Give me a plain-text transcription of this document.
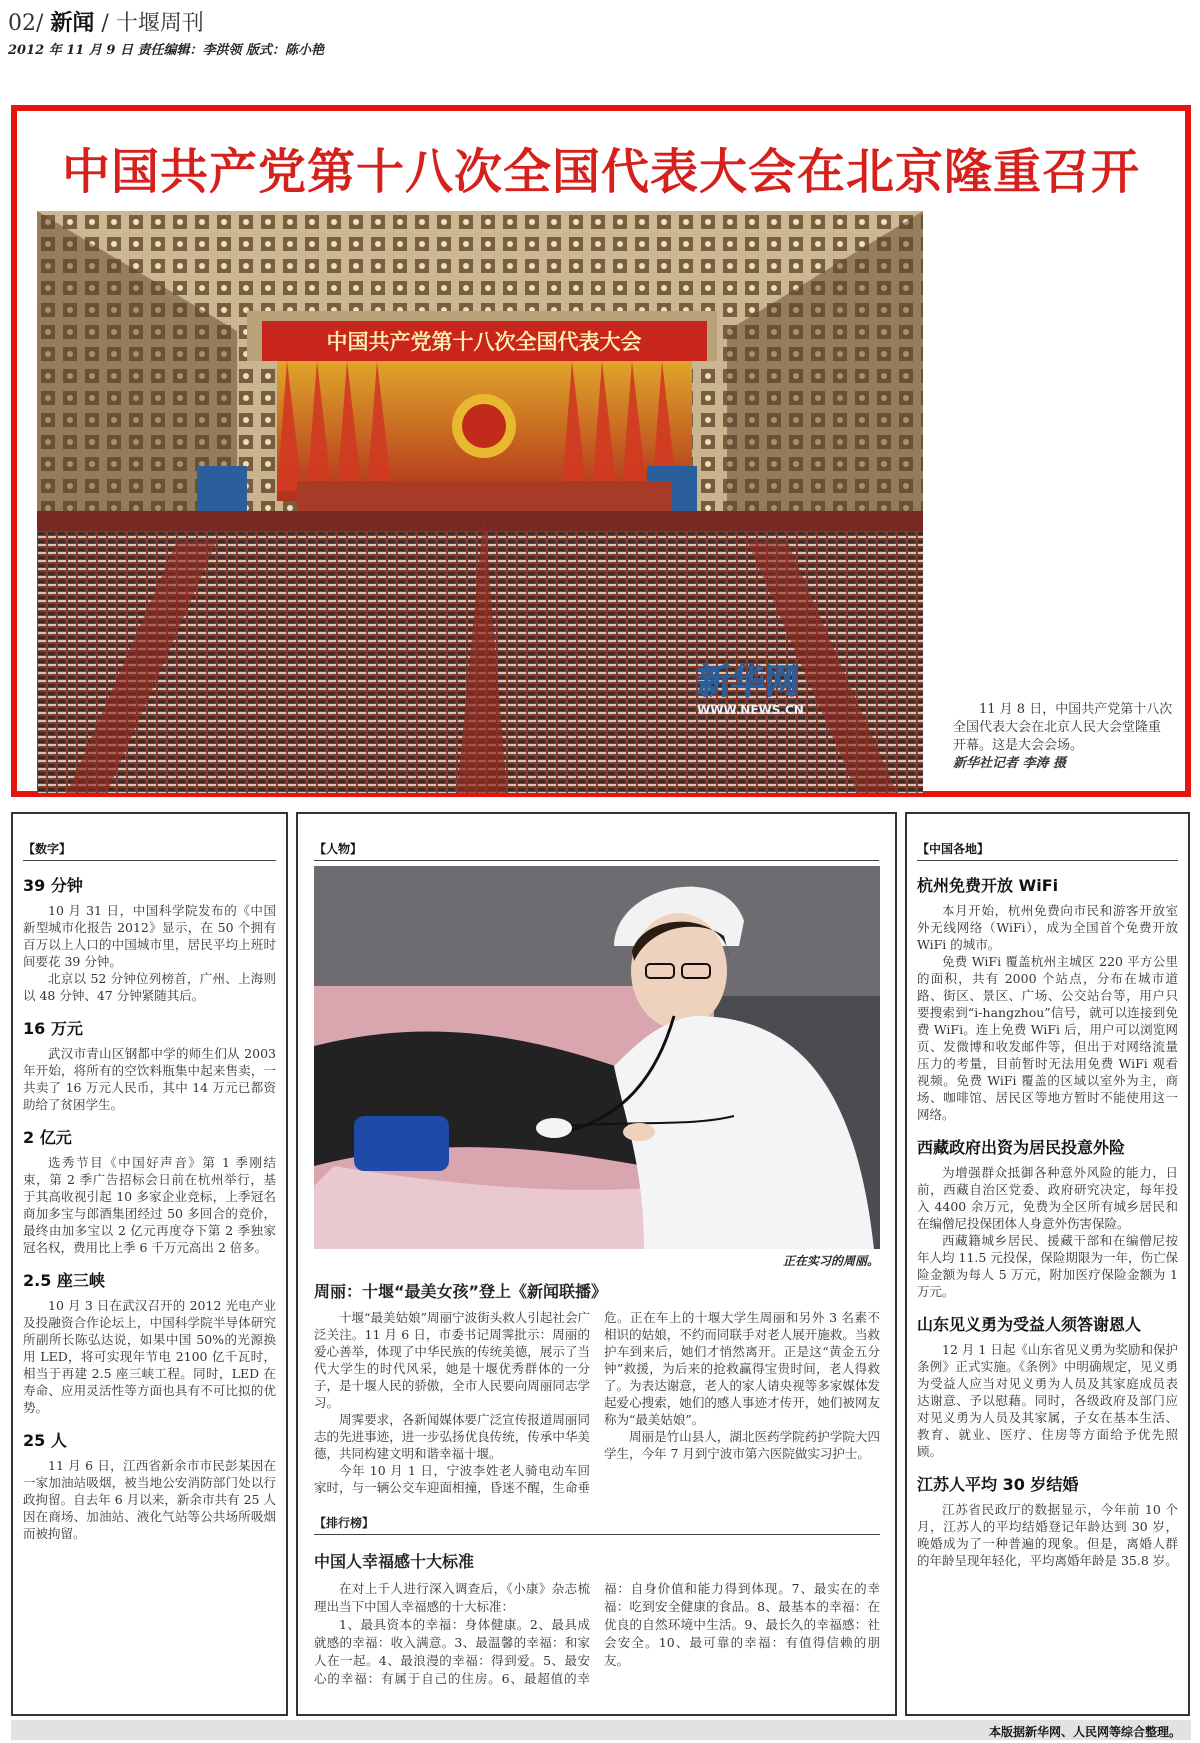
02/ 新闻 / 十堰周刊
2012 年 11 月 9 日 责任编辑：李洪领 版式：陈小艳
中国共产党第十八次全国代表大会在北京隆重召开
中国共产党第十八次全国代表大会
新华网
WWW.NEWS.CN	11 月 8 日，中国共产党第十八次全国代表大会在北京人民大会堂隆重开幕。这是大会会场。

新华社记者 李涛 摄

【数字】
39 分钟

10 月 31 日，中国科学院发布的《中国新型城市化报告 2012》显示，在 50 个拥有百万以上人口的中国城市里，居民平均上班时间要花 39 分钟。

北京以 52 分钟位列榜首，广州、上海则以 48 分钟、47 分钟紧随其后。

16 万元

武汉市青山区钢都中学的师生们从 2003 年开始，将所有的空饮料瓶集中起来售卖，一共卖了 16 万元人民币，其中 14 万元已都资助给了贫困学生。

2 亿元

选秀节目《中国好声音》第 1 季刚结束，第 2 季广告招标会日前在杭州举行，基于其高收视引起 10 多家企业竞标，上季冠名商加多宝与郎酒集团经过 50 多回合的竞价，最终由加多宝以 2 亿元再度夺下第 2 季独家冠名权，费用比上季 6 千万元高出 2 倍多。

2.5 座三峡

10 月 3 日在武汉召开的 2012 光电产业及投融资合作论坛上，中国科学院半导体研究所副所长陈弘达说，如果中国 50%的光源换用 LED，将可实现年节电 2100 亿千瓦时，相当于再建 2.5 座三峡工程。同时，LED 在寿命、应用灵活性等方面也具有不可比拟的优势。

25 人

11 月 6 日，江西省新余市市民彭某因在一家加油站吸烟，被当地公安消防部门处以行政拘留。自去年 6 月以来，新余市共有 25 人因在商场、加油站、液化气站等公共场所吸烟而被拘留。

【人物】
正在实习的周丽。
周丽：十堰“最美女孩”登上《新闻联播》

十堰“最美姑娘”周丽宁波街头救人引起社会广泛关注。11 月 6 日，市委书记周霁批示：周丽的爱心善举，体现了中华民族的传统美德，展示了当代大学生的时代风采，她是十堰优秀群体的一分子，是十堰人民的骄傲，全市人民要向周丽同志学习。

周霁要求，各新闻媒体要广泛宣传报道周丽同志的先进事迹，进一步弘扬优良传统，传承中华美德，共同构建文明和谐幸福十堰。

今年 10 月 1 日，宁波李姓老人骑电动车回家时，与一辆公交车迎面相撞，昏迷不醒，生命垂危。正在车上的十堰大学生周丽和另外 3 名素不相识的姑娘，不约而同联手对老人展开施救。当救护车到来后，她们才悄然离开。正是这“黄金五分钟”救援，为后来的抢救赢得宝贵时间，老人得救了。为表达谢意，老人的家人请央视等多家媒体发起爱心搜索，她们的感人事迹才传开，她们被网友称为“最美姑娘”。

周丽是竹山县人，湖北医药学院药护学院大四学生，今年 7 月到宁波市第六医院做实习护士。

【排行榜】
中国人幸福感十大标准

在对上千人进行深入调查后，《小康》杂志梳理出当下中国人幸福感的十大标准：

1、最具资本的幸福：身体健康。2、最具成就感的幸福：收入满意。3、最温馨的幸福：和家人在一起。4、最浪漫的幸福：得到爱。5、最安心的幸福：有属于自己的住房。6、最超值的幸福：自身价值和能力得到体现。7、最实在的幸福：吃到安全健康的食品。8、最基本的幸福：在优良的自然环境中生活。9、最长久的幸福感：社会安全。10、最可靠的幸福：有值得信赖的朋友。

【中国各地】
杭州免费开放 WiFi

本月开始，杭州免费向市民和游客开放室外无线网络（WiFi），成为全国首个免费开放 WiFi 的城市。

免费 WiFi 覆盖杭州主城区 220 平方公里的面积，共有 2000 个站点，分布在城市道路、街区、景区、广场、公交站台等，用户只要搜索到“i-hangzhou”信号，就可以连接到免费 WiFi。连上免费 WiFi 后，用户可以浏览网页、发微博和收发邮件等，但出于对网络流量压力的考量，目前暂时无法用免费 WiFi 观看视频。免费 WiFi 覆盖的区域以室外为主，商场、咖啡馆、居民区等地方暂时不能使用这一网络。

西藏政府出资为居民投意外险

为增强群众抵御各种意外风险的能力，日前，西藏自治区党委、政府研究决定，每年投入 4400 余万元，免费为全区所有城乡居民和在编僧尼投保团体人身意外伤害保险。

西藏籍城乡居民、援藏干部和在编僧尼按年人均 11.5 元投保，保险期限为一年，伤亡保险金额为每人 5 万元，附加医疗保险金额为 1 万元。

山东见义勇为受益人须答谢恩人

12 月 1 日起《山东省见义勇为奖励和保护条例》正式实施。《条例》中明确规定，见义勇为受益人应当对见义勇为人员及其家庭成员表达谢意、予以慰藉。同时，各级政府及部门应对见义勇为人员及其家属，子女在基本生活、教育、就业、医疗、住房等方面给予优先照顾。

江苏人平均 30 岁结婚

江苏省民政厅的数据显示，今年前 10 个月，江苏人的平均结婚登记年龄达到 30 岁，晚婚成为了一种普遍的现象。但是，离婚人群的年龄呈现年轻化，平均离婚年龄是 35.8 岁。

本版据新华网、人民网等综合整理。
